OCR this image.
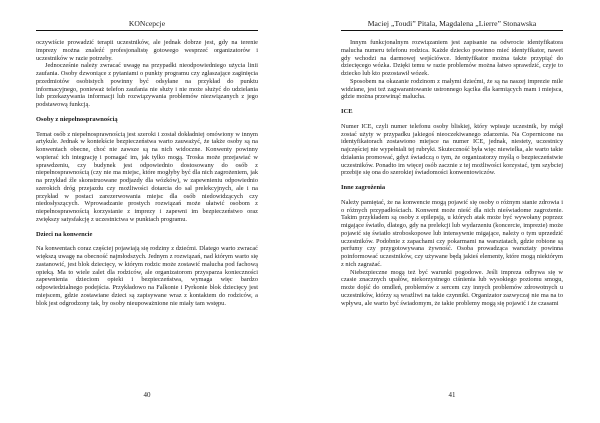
KONcepcje

oczywiście prowadzić terapii uczestników, ale jednak dobrze jest, gdy na terenie imprezy można znaleźć profesjonalistę gotowego wesprzeć organizatorów i uczestników w razie potrzeby.

Jednocześnie należy zwracać uwagę na przypadki nieodpowiedniego użycia linii zaufania. Osoby dzwoniące z pytaniami o punkty programu czy zgłaszające zaginięcia przedmiotów osobistych powinny być odsyłane na przykład do punktu informacyjnego, ponieważ telefon zaufania nie służy i nie może służyć do udzielania lub przekazywania informacji lub rozwiązywania problemów niezwiązanych z jego podstawową funkcją.

Osoby z niepełnosprawnością

Temat osób z niepełnosprawnością jest szeroki i został dokładniej omówiony w innym artykule. Jednak w kontekście bezpieczeństwa warto zauważyć, że także osoby są na konwentach obecne, choć nie zawsze są na nich widoczne. Konwenty powinny wspierać ich integrację i pomagać im, jak tylko mogą. Troska może przejawiać w sprawdzeniu, czy budynek jest odpowiednio dostosowany do osób z niepełnosprawnością (czy nie ma miejsc, które mogłyby być dla nich zagrożeniem, jak na przykład źle skonstruowane podjazdy dla wózków), w zapewnieniu odpowiednio szerokich dróg przejazdu czy możliwości dotarcia do sal prelekcyjnych, ale i na przykład w postaci zarezerwowania miejsc dla osób niedowidzących czy niedosłyszących. Wprowadzanie prostych rozwiązań może ułatwić osobom z niepełnosprawnością korzystanie z imprezy i zapewni im bezpieczeństwo oraz zwiększy satysfakcję z uczestnictwa w punktach programu.

Dzieci na konwencie

Na konwentach coraz częściej pojawiają się rodziny z dziećmi. Dlatego warto zwracać większą uwagę na obecność najmłodszych. Jednym z rozwiązań, nad którym warto się zastanowić, jest blok dziecięcy, w którym rodzic może zostawić malucha pod fachową opieką. Ma to wiele zalet dla rodziców, ale organizatorom przysparza konieczności zapewnienia dzieciom opieki i bezpieczeństwa, wymaga więc bardzo odpowiedzialnego podejścia. Przykładowo na Falkonie i Pyrkonie blok dziecięcy jest miejscem, gdzie zostawiane dzieci są zapisywane wraz z kontaktem do rodziców, a blok jest odgrodzony tak, by osoby nieupoważnione nie miały tam wstępu.

40
Maciej „Toudi” Pitala, Magdalena „Lierre” Stonawska

Innym funkcjonalnym rozwiązaniem jest zapisanie na odwrocie identyfikatora malucha numeru telefonu rodzica. Każde dziecko powinno mieć identyfikator, nawet gdy wchodzi na darmowej wejściówce. Identyfikator można także przypiąć do dziecięcego wózka. Dzięki temu w razie problemów można łatwo sprawdzić, czyje to dziecko lub kto pozostawił wózek.

Sposobem na okazanie rodzinom z małymi dziećmi, że są na naszej imprezie mile widziane, jest też zagwarantowanie ustronnego kącika dla karmiących mam i miejsca, gdzie można przewinąć malucha.

ICE

Numer ICE, czyli numer telefonu osoby bliskiej, który wpisuje uczestnik, by mógł zostać użyty w przypadku jakiegoś nieoczekiwanego zdarzenia. Na Copernicone na identyfikatorach zostawiono miejsce na numer ICE, jednak, niestety, uczestnicy najczęściej nie wypełniali tej rubryki. Skuteczność była więc niewielka, ale warto takie działania promować, gdyż świadczą o tym, że organizatorzy myślą o bezpieczeństwie uczestników. Ponadto im więcej osób zacznie z tej możliwości korzystać, tym szybciej przebije się ona do szerokiej świadomości konwentowiczów.

Inne zagrożenia

Należy pamiętać, że na konwencie mogą pojawić się osoby o różnym stanie zdrowia i o różnych przypadłościach. Konwent może nieść dla nich nieświadome zagrożenie. Takim przykładem są osoby z epilepsją, u których atak może być wywołany poprzez migające światło, dlatego, gdy na prelekcji lub wydarzeniu (koncercie, imprezie) może pojawić się światło stroboskopowe lub intensywnie migające, należy o tym uprzedzić uczestników. Podobnie z zapachami czy pokarmami na warsztatach, gdzie robione są perfumy czy przygotowywana żywność. Osoba prowadząca warsztaty powinna poinformować uczestników, czy używane będą jakieś elementy, które mogą niektórym z nich zagrażać.

Niebezpieczne mogą też być warunki pogodowe. Jeśli impreza odbywa się w czasie znacznych upałów, niekorzystnego ciśnienia lub wysokiego poziomu smogu, może dojść do omdleń, problemów z sercem czy innych problemów zdrowotnych u uczestników, którzy są wrażliwi na takie czynniki. Organizator zazwyczaj nie ma na to wpływu, ale warto być świadomym, że takie problemy mogą się pojawić i że czasami

41
